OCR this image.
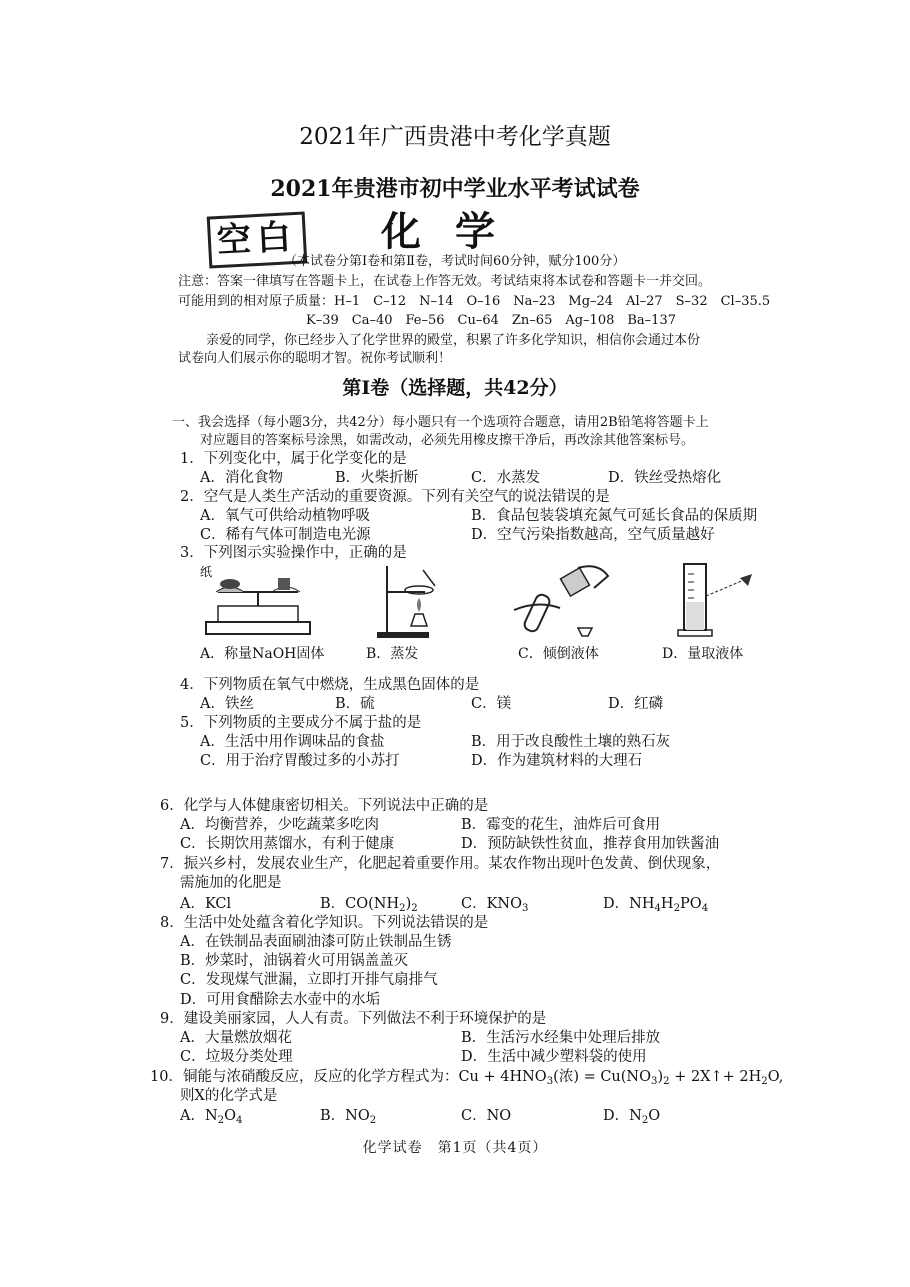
2021年广西贵港中考化学真题
2021年贵港市初中学业水平考试试卷
空白	化学
（本试卷分第Ⅰ卷和第Ⅱ卷，考试时间60分钟，赋分100分）
注意：答案一律填写在答题卡上，在试卷上作答无效。考试结束将本试卷和答题卡一并交回。
可能用到的相对原子质量：H–1　C–12　N–14　O–16　Na–23　Mg–24　Al–27　S–32　Cl–35.5
K–39　Ca–40　Fe–56　Cu–64　Zn–65　Ag–108　Ba–137
亲爱的同学，你已经步入了化学世界的殿堂，积累了许多化学知识，相信你会通过本份
试卷向人们展示你的聪明才智。祝你考试顺利！
第Ⅰ卷（选择题，共42分）
一、我会选择（每小题3分，共42分）每小题只有一个选项符合题意，请用2B铅笔将答题卡上
对应题目的答案标号涂黑，如需改动，必须先用橡皮擦干净后，再改涂其他答案标号。
1．下列变化中，属于化学变化的是
A．消化食物	B．火柴折断	C．水蒸发	D．铁丝受热熔化
2．空气是人类生产活动的重要资源。下列有关空气的说法错误的是
A．氧气可供给动植物呼吸	B．食品包装袋填充氮气可延长食品的保质期
C．稀有气体可制造电光源	D．空气污染指数越高，空气质量越好
3．下列图示实验操作中，正确的是
纸
A．称量NaOH固体	B．蒸发	C．倾倒液体	D．量取液体
4．下列物质在氧气中燃烧，生成黑色固体的是
A．铁丝	B．硫	C．镁	D．红磷
5．下列物质的主要成分不属于盐的是
A．生活中用作调味品的食盐	B．用于改良酸性土壤的熟石灰
C．用于治疗胃酸过多的小苏打	D．作为建筑材料的大理石
6．化学与人体健康密切相关。下列说法中正确的是
A．均衡营养，少吃蔬菜多吃肉	B．霉变的花生，油炸后可食用
C．长期饮用蒸馏水，有利于健康	D．预防缺铁性贫血，推荐食用加铁酱油
7．振兴乡村，发展农业生产，化肥起着重要作用。某农作物出现叶色发黄、倒伏现象，
需施加的化肥是
A．KCl	B．$CO(NH_2)_2$	C．$KNO_3$	D．$NH_4H_2PO_4$
8．生活中处处蕴含着化学知识。下列说法错误的是
A．在铁制品表面刷油漆可防止铁制品生锈
B．炒菜时，油锅着火可用锅盖盖灭
C．发现煤气泄漏，立即打开排气扇排气
D．可用食醋除去水壶中的水垢
9．建设美丽家园，人人有责。下列做法不利于环境保护的是
A．大量燃放烟花	B．生活污水经集中处理后排放
C．垃圾分类处理	D．生活中减少塑料袋的使用
10．铜能与浓硝酸反应，反应的化学方程式为：$Cu + 4HNO_3$(浓) = $Cu(NO_3)_2$ + 2X↑+ $2H_2O$,
则X的化学式是
A．$N_2O_4$	B．$NO_2$	C．NO	D．$N_2O$
化学试卷　第1页（共4页）
